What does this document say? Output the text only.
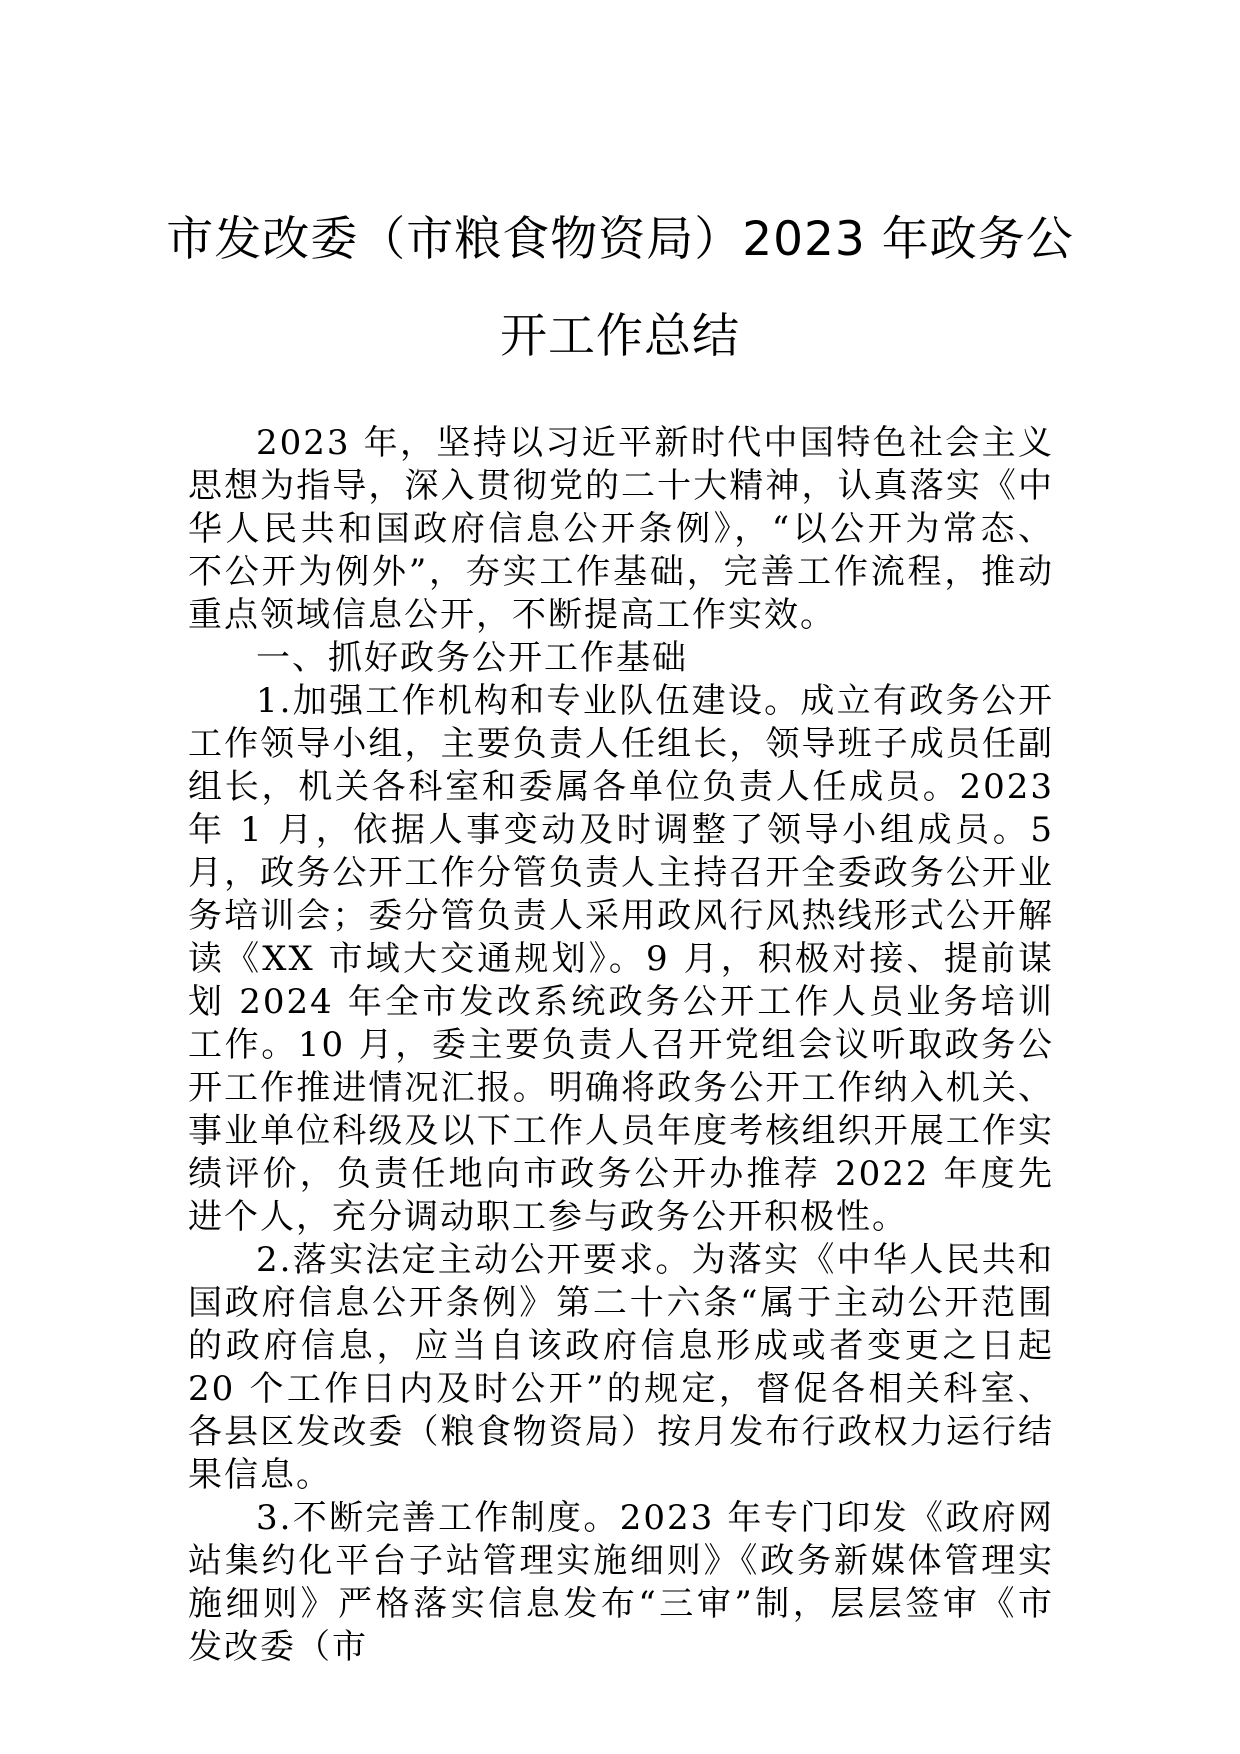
市发改委（市粮食物资局）2023 年政务公
开工作总结

2023 年，坚持以习近平新时代中国特色社会主义思想为指导，深入贯彻党的二十大精神，认真落实《中华人民共和国政府信息公开条例》，“以公开为常态、不公开为例外”，夯实工作基础，完善工作流程，推动重点领域信息公开，不断提高工作实效。

一、抓好政务公开工作基础

1.加强工作机构和专业队伍建设。成立有政务公开工作领导小组，主要负责人任组长，领导班子成员任副组长，机关各科室和委属各单位负责人任成员。2023 年 1 月，依据人事变动及时调整了领导小组成员。5 月，政务公开工作分管负责人主持召开全委政务公开业务培训会；委分管负责人采用政风行风热线形式公开解读《XX 市域大交通规划》。9 月，积极对接、提前谋划 2024 年全市发改系统政务公开工作人员业务培训工作。10 月，委主要负责人召开党组会议听取政务公开工作推进情况汇报。明确将政务公开工作纳入机关、事业单位科级及以下工作人员年度考核组织开展工作实绩评价，负责任地向市政务公开办推荐 2022 年度先进个人，充分调动职工参与政务公开积极性。

2.落实法定主动公开要求。为落实《中华人民共和国政府信息公开条例》第二十六条“属于主动公开范围的政府信息，应当自该政府信息形成或者变更之日起 20 个工作日内及时公开”的规定，督促各相关科室、各县区发改委（粮食物资局）按月发布行政权力运行结果信息。

3.不断完善工作制度。2023 年专门印发《政府网站集约化平台子站管理实施细则》《政务新媒体管理实施细则》严格落实信息发布“三审”制，层层签审《市发改委（市
